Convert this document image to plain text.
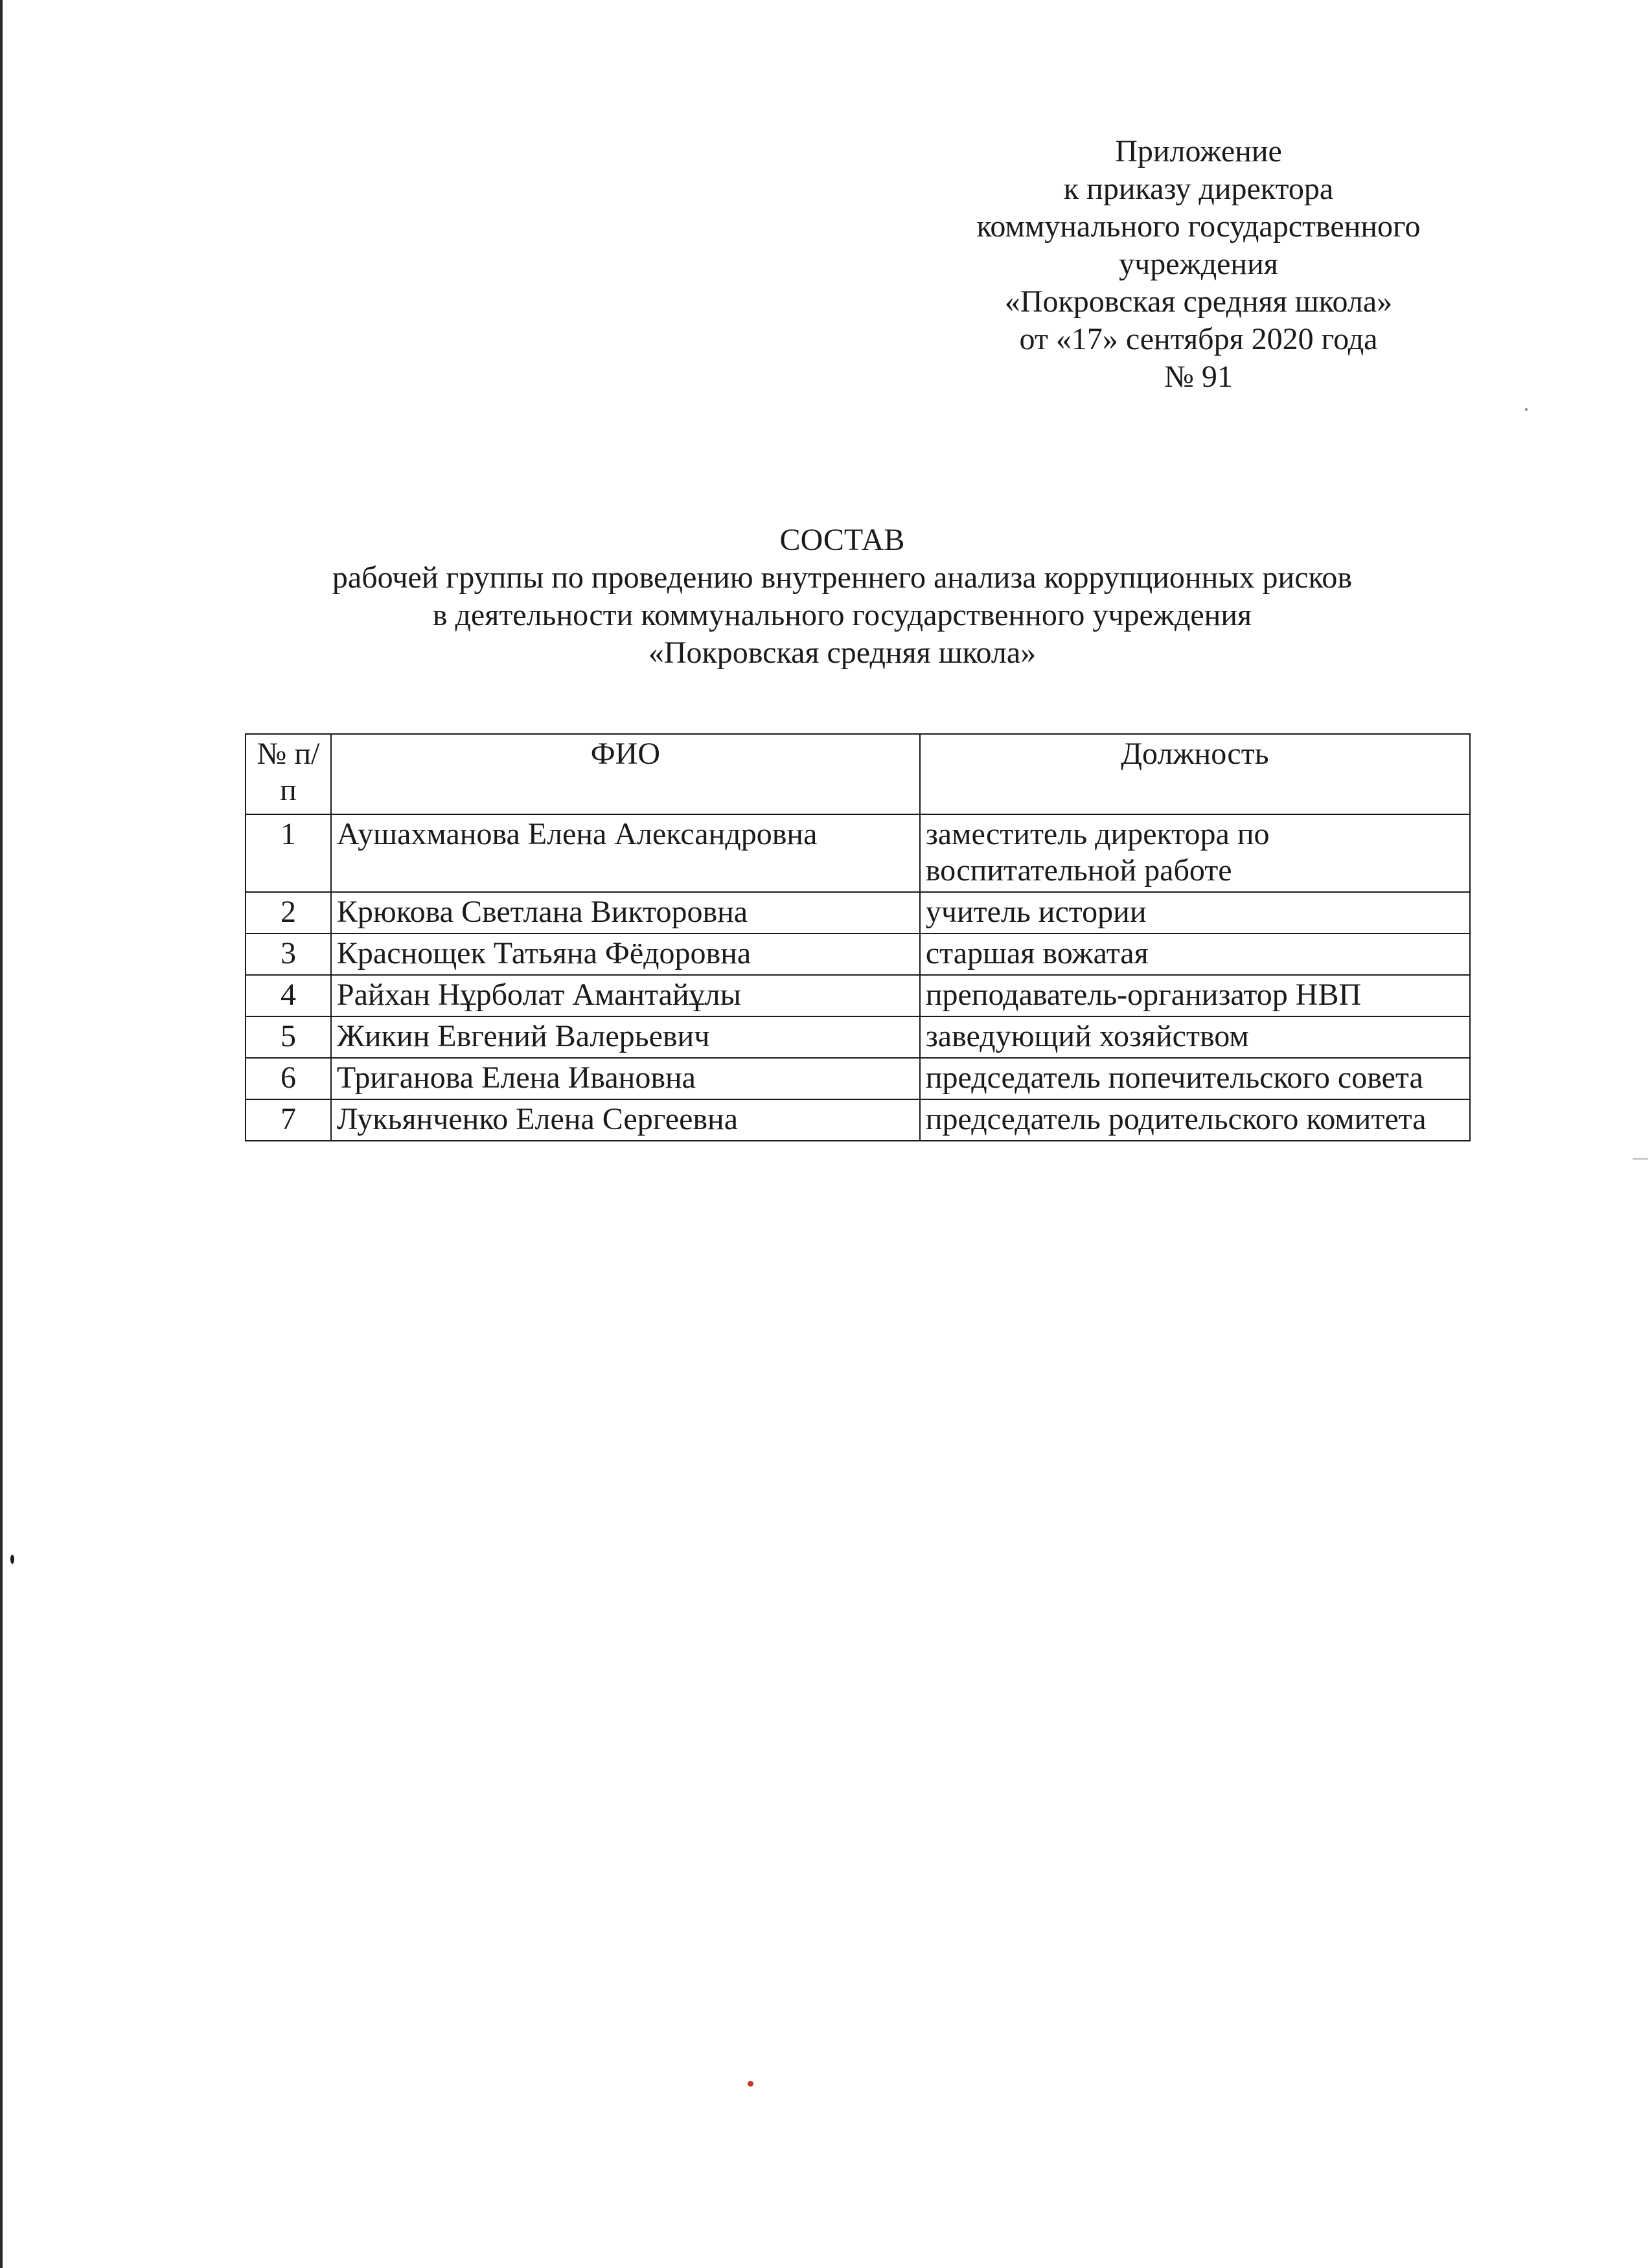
Приложение
к приказу директора
коммунального государственного
учреждения
«Покровская средняя школа»
от «17» сентября 2020 года
№ 91
СОСТАВ
рабочей группы по проведению внутреннего анализа коррупционных рисков
в деятельности коммунального государственного учреждения
«Покровская средняя школа»
№ п/п	ФИО	Должность
1	Аушахманова Елена Александровна	заместитель директора по воспитательной работе
2	Крюкова Светлана Викторовна	учитель истории
3	Краснощек Татьяна Фёдоровна	старшая вожатая
4	Райхан Нұрболат Амантайұлы	преподаватель-организатор НВП
5	Жикин Евгений Валерьевич	заведующий хозяйством
6	Триганова Елена Ивановна	председатель попечительского совета
7	Лукьянченко Елена Сергеевна	председатель родительского комитета
